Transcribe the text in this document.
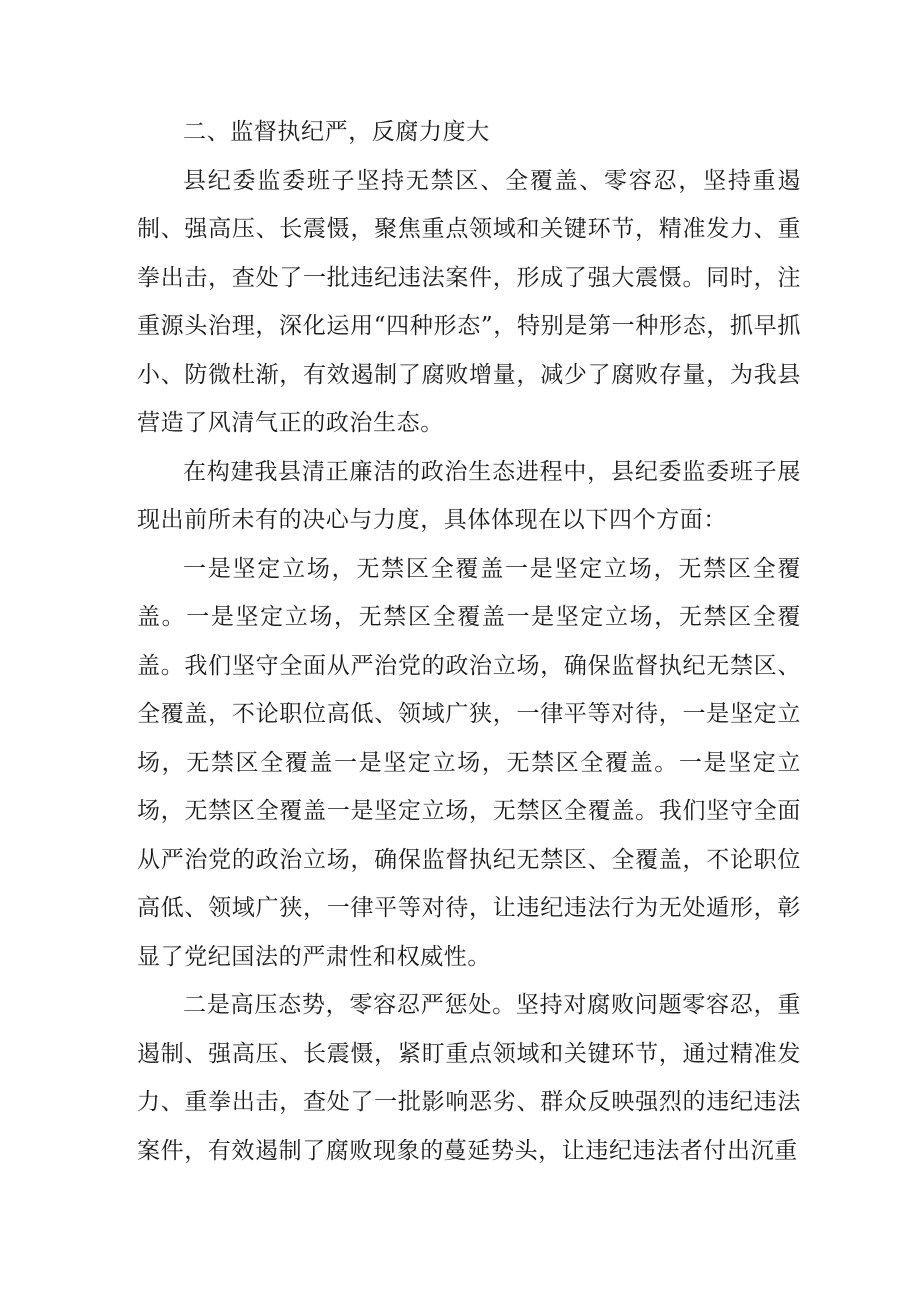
二、监督执纪严，反腐力度大

县纪委监委班子坚持无禁区、全覆盖、零容忍，坚持重遏制、强高压、长震慑，聚焦重点领域和关键环节，精准发力、重拳出击，查处了一批违纪违法案件，形成了强大震慑。同时，注重源头治理，深化运用“四种形态”，特别是第一种形态，抓早抓小、防微杜渐，有效遏制了腐败增量，减少了腐败存量，为我县营造了风清气正的政治生态。

在构建我县清正廉洁的政治生态进程中，县纪委监委班子展现出前所未有的决心与力度，具体体现在以下四个方面：

一是坚定立场，无禁区全覆盖一是坚定立场，无禁区全覆盖。一是坚定立场，无禁区全覆盖一是坚定立场，无禁区全覆盖。我们坚守全面从严治党的政治立场，确保监督执纪无禁区、全覆盖，不论职位高低、领域广狭，一律平等对待，一是坚定立场，无禁区全覆盖一是坚定立场，无禁区全覆盖。一是坚定立场，无禁区全覆盖一是坚定立场，无禁区全覆盖。我们坚守全面从严治党的政治立场，确保监督执纪无禁区、全覆盖，不论职位高低、领域广狭，一律平等对待，让违纪违法行为无处遁形，彰显了党纪国法的严肃性和权威性。

二是高压态势，零容忍严惩处。坚持对腐败问题零容忍，重遏制、强高压、长震慑，紧盯重点领域和关键环节，通过精准发力、重拳出击，查处了一批影响恶劣、群众反映强烈的违纪违法案件，有效遏制了腐败现象的蔓延势头，让违纪违法者付出沉重
